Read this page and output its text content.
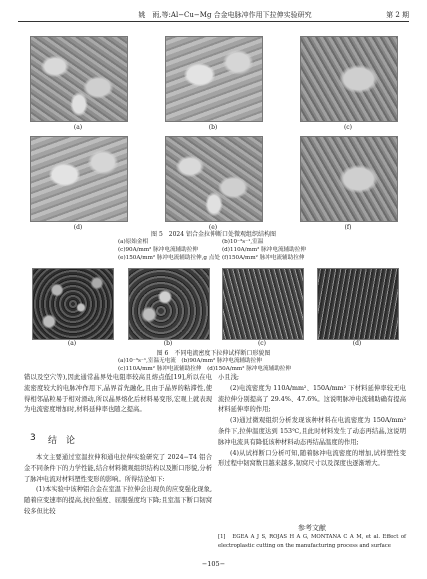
姚　雨,等:Al−Cu−Mg 合金电脉冲作用下拉伸实验研究	第 2 期
(a)	(b)	(c)
(d)	(e)	(f)
图 5　2024 铝合金拉伸断口处微观组织结构图
(a)原始金相	(b)10⁻³s⁻¹,室温
(c)90A/mm² 脉冲电流辅助拉伸	(d)110A/mm² 脉冲电流辅助拉伸
(e)150A/mm² 脉冲电流辅助拉伸,g 点处 (f)150A/mm² 脉冲电流辅助拉伸
(a)	(b)	(c)	(d)
图 6　不同电流密度下拉伸试样断口形貌图
(a)10⁻³s⁻¹,室温无电流　(b)90A/mm² 脉冲电流辅助拉伸
(c)110A/mm² 脉冲电流辅助拉伸　(d)150A/mm² 脉冲电流辅助拉伸

错以及空穴等),因此通常晶界处电阻率较高且熔点低[19],所以在电流密度较大的电脉冲作用下,晶界首先融化,且由于晶界的粘滞性,使得相邻晶粒易于相对滑动,所以晶界熔化后材料易变形,宏观上就表现为电流密度增加时,材料延伸率也随之提高。

3 结　论

本文主要通过室温拉伸和通电拉伸实验研究了 2024−T4 铝合金不同条件下的力学性能,结合材料微观组织结构以及断口形貌,分析了脉冲电流对材料塑性变形的影响。所得结论如下:

(1)本实验中该种铝合金在室温下拉伸会出现负的应变强化现象,随着应变速率的提高,抗拉强度、屈服强度均下降;且室温下断口韧窝较多但比较

小且浅;

(2)电流密度为 110A/mm²、150A/mm² 下材料延伸率较无电流拉伸分别提高了 29.4%、47.6%。这说明脉冲电流辅助确有提高材料延伸率的作用;

(3)通过微观组织分析发现该种材料在电流密度为 150A/mm² 条件下,拉伸温度达到 153℃,且此时材料发生了动态再结晶,这说明脉冲电流具有降低该种材料动态再结晶温度的作用;

(4)从试样断口分析可知,随着脉冲电流密度的增加,试样塑性变形过程中韧窝数目越来越多,韧窝尺寸以及深度也逐渐增大。

参考文献
[1]　EGEA A J S, ROJAS H A G, MONTANA C A M, et al. Effect of electroplastic cutting on the manufacturing process and surface
−105−
